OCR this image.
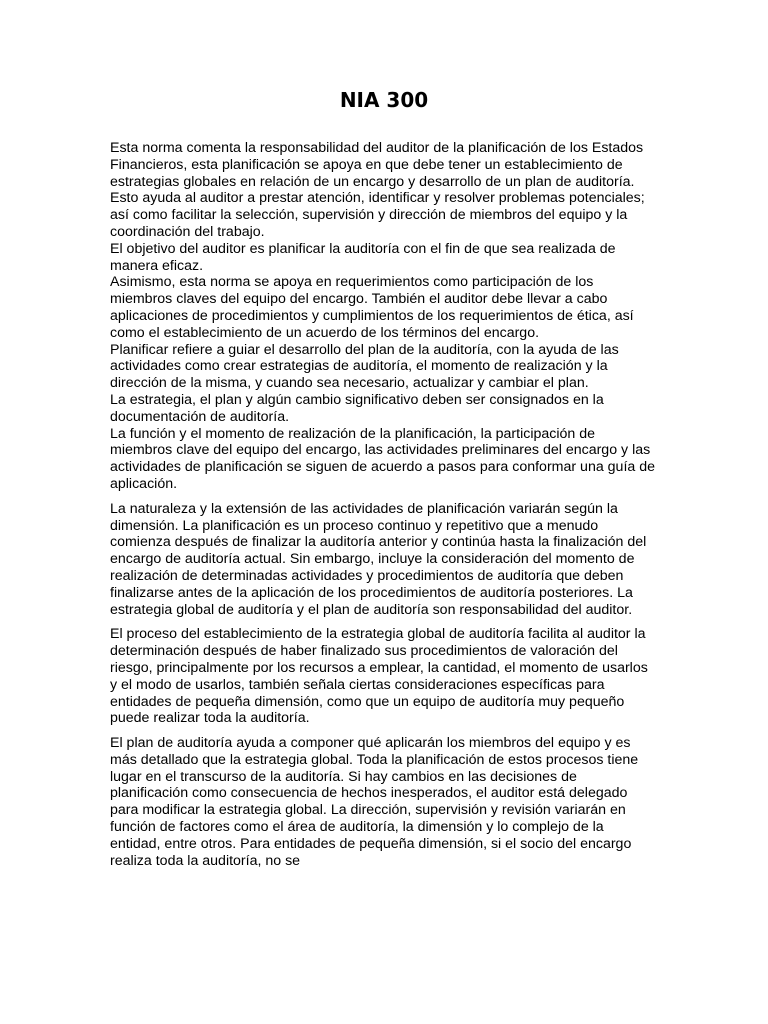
NIA 300

Esta norma comenta la responsabilidad del auditor de la planificación de los Estados Financieros, esta planificación se apoya en que debe tener un establecimiento de estrategias globales en relación de un encargo y desarrollo de un plan de auditoría. Esto ayuda al auditor a prestar atención, identificar y resolver problemas potenciales; así como facilitar la selección, supervisión y dirección de miembros del equipo y la coordinación del trabajo.

El objetivo del auditor es planificar la auditoría con el fin de que sea realizada de manera eficaz.

Asimismo, esta norma se apoya en requerimientos como participación de los miembros claves del equipo del encargo. También el auditor debe llevar a cabo aplicaciones de procedimientos y cumplimientos de los requerimientos de ética, así como el establecimiento de un acuerdo de los términos del encargo.

Planificar refiere a guiar el desarrollo del plan de la auditoría, con la ayuda de las actividades como crear estrategias de auditoría, el momento de realización y la dirección de la misma, y cuando sea necesario, actualizar y cambiar el plan.

La estrategia, el plan y algún cambio significativo deben ser consignados en la documentación de auditoría.

La función y el momento de realización de la planificación, la participación de miembros clave del equipo del encargo, las actividades preliminares del encargo y las actividades de planificación se siguen de acuerdo a pasos para conformar una guía de aplicación.

La naturaleza y la extensión de las actividades de planificación variarán según la dimensión. La planificación es un proceso continuo y repetitivo que a menudo comienza después de finalizar la auditoría anterior y continúa hasta la finalización del encargo de auditoría actual. Sin embargo, incluye la consideración del momento de realización de determinadas actividades y procedimientos de auditoría que deben finalizarse antes de la aplicación de los procedimientos de auditoría posteriores. La estrategia global de auditoría y el plan de auditoría son responsabilidad del auditor.

El proceso del establecimiento de la estrategia global de auditoría facilita al auditor la determinación después de haber finalizado sus procedimientos de valoración del riesgo, principalmente por los recursos a emplear, la cantidad, el momento de usarlos y el modo de usarlos, también señala ciertas consideraciones específicas para entidades de pequeña dimensión, como que un equipo de auditoría muy pequeño puede realizar toda la auditoría.

El plan de auditoría ayuda a componer qué aplicarán los miembros del equipo y es más detallado que la estrategia global. Toda la planificación de estos procesos tiene lugar en el transcurso de la auditoría. Si hay cambios en las decisiones de planificación como consecuencia de hechos inesperados, el auditor está delegado para modificar la estrategia global. La dirección, supervisión y revisión variarán en función de factores como el área de auditoría, la dimensión y lo complejo de la entidad, entre otros. Para entidades de pequeña dimensión, si el socio del encargo realiza toda la auditoría, no se
